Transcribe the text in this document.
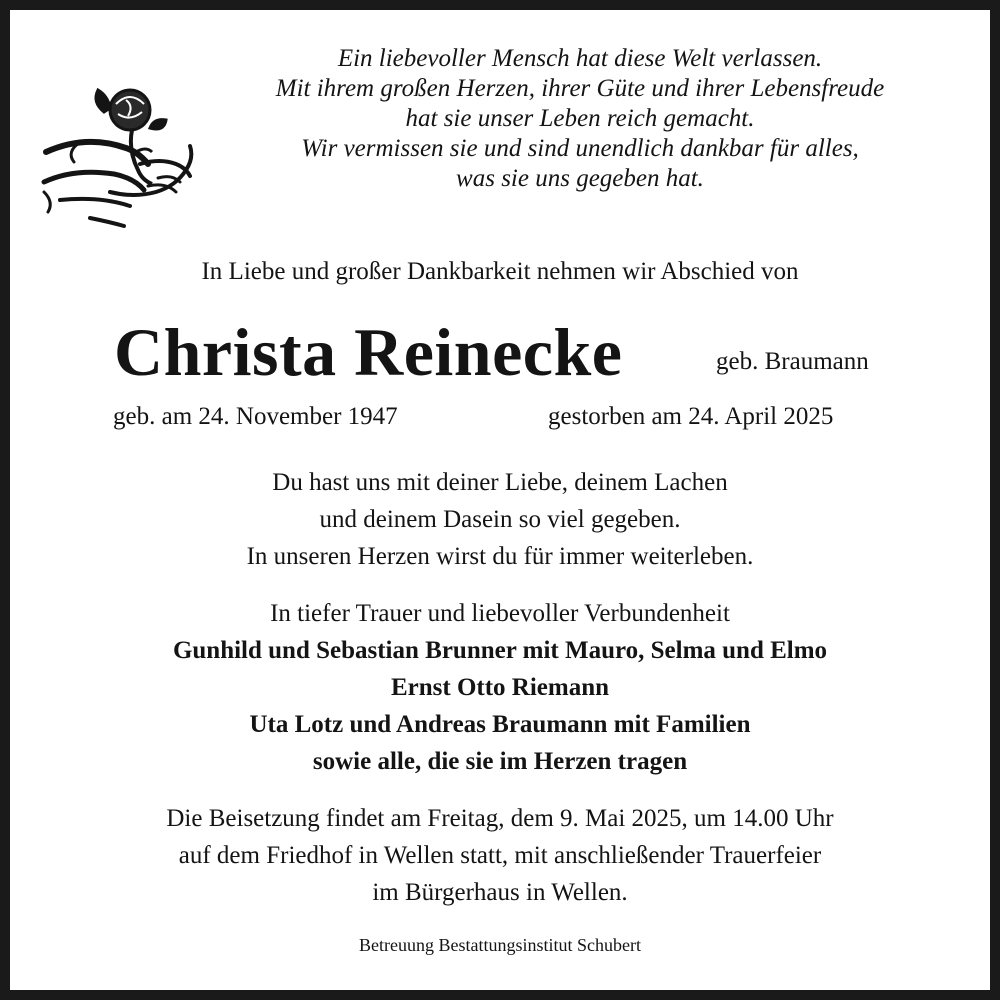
Ein liebevoller Mensch hat diese Welt verlassen.
Mit ihrem großen Herzen, ihrer Güte und ihrer Lebensfreude
hat sie unser Leben reich gemacht.
Wir vermissen sie und sind unendlich dankbar für alles,
was sie uns gegeben hat.
In Liebe und großer Dankbarkeit nehmen wir Abschied von
Christa Reinecke	geb. Braumann
geb. am 24. November 1947	gestorben am 24. April 2025
Du hast uns mit deiner Liebe, deinem Lachen
und deinem Dasein so viel gegeben.
In unseren Herzen wirst du für immer weiterleben.
In tiefer Trauer und liebevoller Verbundenheit
Gunhild und Sebastian Brunner mit Mauro, Selma und Elmo
Ernst Otto Riemann
Uta Lotz und Andreas Braumann mit Familien
sowie alle, die sie im Herzen tragen
Die Beisetzung findet am Freitag, dem 9. Mai 2025, um 14.00 Uhr
auf dem Friedhof in Wellen statt, mit anschließender Trauerfeier
im Bürgerhaus in Wellen.
Betreuung Bestattungsinstitut Schubert
